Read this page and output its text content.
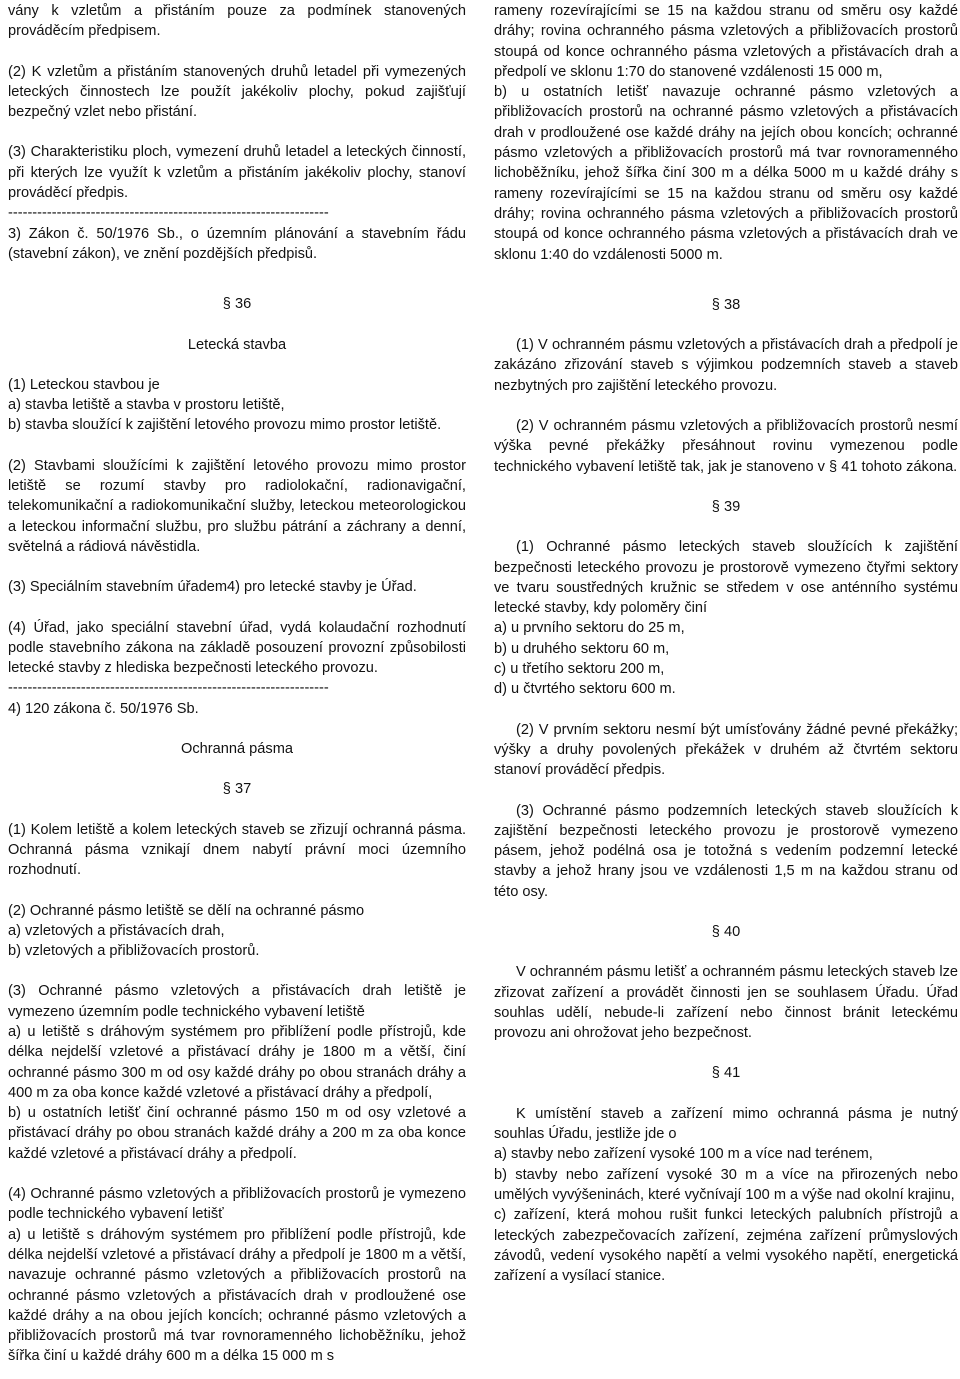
vány k vzletům a přistáním pouze za podmínek stanovených prováděcím předpisem.

(2) K vzletům a přistáním stanovených druhů letadel při vymezených leteckých činnostech lze použít jakékoliv plochy, pokud zajišťují bezpečný vzlet nebo přistání.

(3) Charakteristiku ploch, vymezení druhů letadel a leteckých činností, při kterých lze využít k vzletům a přistáním jakékoliv plochy, stanoví prováděcí předpis.

------------------------------------------------------------------

3) Zákon č. 50/1976 Sb., o územním plánování a stavebním řádu (stavební zákon), ve znění pozdějších předpisů.

§ 36

Letecká stavba

(1) Leteckou stavbou je

a) stavba letiště a stavba v prostoru letiště,

b) stavba sloužící k zajištění letového provozu mimo prostor letiště.

(2) Stavbami sloužícími k zajištění letového provozu mimo prostor letiště se rozumí stavby pro radiolokační, radionavigační, telekomunikační a radiokomunikační služby, leteckou meteorologickou a leteckou informační službu, pro službu pátrání a záchrany a denní, světelná a rádiová návěstidla.

(3) Speciálním stavebním úřadem4) pro letecké stavby je Úřad.

(4) Úřad, jako speciální stavební úřad, vydá kolaudační rozhodnutí podle stavebního zákona na základě posouzení provozní způsobilosti letecké stavby z hlediska bezpečnosti leteckého provozu.

------------------------------------------------------------------

4) 120 zákona č. 50/1976 Sb.

Ochranná pásma

§ 37

(1) Kolem letiště a kolem leteckých staveb se zřizují ochranná pásma. Ochranná pásma vznikají dnem nabytí právní moci územního rozhodnutí.

(2) Ochranné pásmo letiště se dělí na ochranné pásmo

a) vzletových a přistávacích drah,

b) vzletových a přibližovacích prostorů.

(3) Ochranné pásmo vzletových a přistávacích drah letiště je vymezeno územním podle technického vybavení letiště

a) u letiště s dráhovým systémem pro přiblížení podle přístrojů, kde délka nejdelší vzletové a přistávací dráhy je 1800 m a větší, činí ochranné pásmo 300 m od osy každé dráhy po obou stranách dráhy a 400 m za oba konce každé vzletové a přistávací dráhy a předpolí,

b) u ostatních letišť činí ochranné pásmo 150 m od osy vzletové a přistávací dráhy po obou stranách každé dráhy a 200 m za oba konce každé vzletové a přistávací dráhy a předpolí.

(4) Ochranné pásmo vzletových a přibližovacích prostorů je vymezeno podle technického vybavení letišť

a) u letiště s dráhovým systémem pro přiblížení podle přístrojů, kde délka nejdelší vzletové a přistávací dráhy a předpolí je 1800 m a větší, navazuje ochranné pásmo vzletových a přibližovacích prostorů na ochranné pásmo vzletových a přistávacích drah v prodloužené ose každé dráhy a na obou jejích koncích; ochranné pásmo vzletových a přibližovacích prostorů má tvar rovnoramenného lichoběžníku, jehož šířka činí u každé dráhy 600 m a délka 15 000 m s

rameny rozevírajícími se 15 na každou stranu od směru osy každé dráhy; rovina ochranného pásma vzletových a přibližovacích prostorů stoupá od konce ochranného pásma vzletových a přistávacích drah a předpolí ve sklonu 1:70 do stanovené vzdálenosti 15 000 m,

b) u ostatních letišť navazuje ochranné pásmo vzletových a přibližovacích prostorů na ochranné pásmo vzletových a přistávacích drah v prodloužené ose každé dráhy na jejích obou koncích; ochranné pásmo vzletových a přibližovacích prostorů má tvar rovnoramenného lichoběžníku, jehož šířka činí 300 m a délka 5000 m u každé dráhy s rameny rozevírajícími se 15 na každou stranu od směru osy každé dráhy; rovina ochranného pásma vzletových a přibližovacích prostorů stoupá od konce ochranného pásma vzletových a přistávacích drah ve sklonu 1:40 do vzdálenosti 5000 m.

§ 38

(1) V ochranném pásmu vzletových a přistávacích drah a předpolí je zakázáno zřizování staveb s výjimkou podzemních staveb a staveb nezbytných pro zajištění leteckého provozu.

(2) V ochranném pásmu vzletových a přibližovacích prostorů nesmí výška pevné překážky přesáhnout rovinu vymezenou podle technického vybavení letiště tak, jak je stanoveno v § 41 tohoto zákona.

§ 39

(1) Ochranné pásmo leteckých staveb sloužících k zajištění bezpečnosti leteckého provozu je prostorově vymezeno čtyřmi sektory ve tvaru soustředných kružnic se středem v ose anténního systému letecké stavby, kdy poloměry činí

a) u prvního sektoru do 25 m,

b) u druhého sektoru 60 m,

c) u třetího sektoru 200 m,

d) u čtvrtého sektoru 600 m.

(2) V prvním sektoru nesmí být umísťovány žádné pevné překážky; výšky a druhy povolených překážek v druhém až čtvrtém sektoru stanoví prováděcí předpis.

(3) Ochranné pásmo podzemních leteckých staveb sloužících k zajištění bezpečnosti leteckého provozu je prostorově vymezeno pásem, jehož podélná osa je totožná s vedením podzemní letecké stavby a jehož hrany jsou ve vzdálenosti 1,5 m na každou stranu od této osy.

§ 40

V ochranném pásmu letišť a ochranném pásmu leteckých staveb lze zřizovat zařízení a provádět činnosti jen se souhlasem Úřadu. Úřad souhlas udělí, nebude-li zařízení nebo činnost bránit leteckému provozu ani ohrožovat jeho bezpečnost.

§ 41

K umístění staveb a zařízení mimo ochranná pásma je nutný souhlas Úřadu, jestliže jde o

a) stavby nebo zařízení vysoké 100 m a více nad terénem,

b) stavby nebo zařízení vysoké 30 m a více na přirozených nebo umělých vyvýšeninách, které vyčnívají 100 m a výše nad okolní krajinu,

c) zařízení, která mohou rušit funkci leteckých palubních přístrojů a leteckých zabezpečovacích zařízení, zejména zařízení průmyslových závodů, vedení vysokého napětí a velmi vysokého napětí, energetická zařízení a vysílací stanice.
